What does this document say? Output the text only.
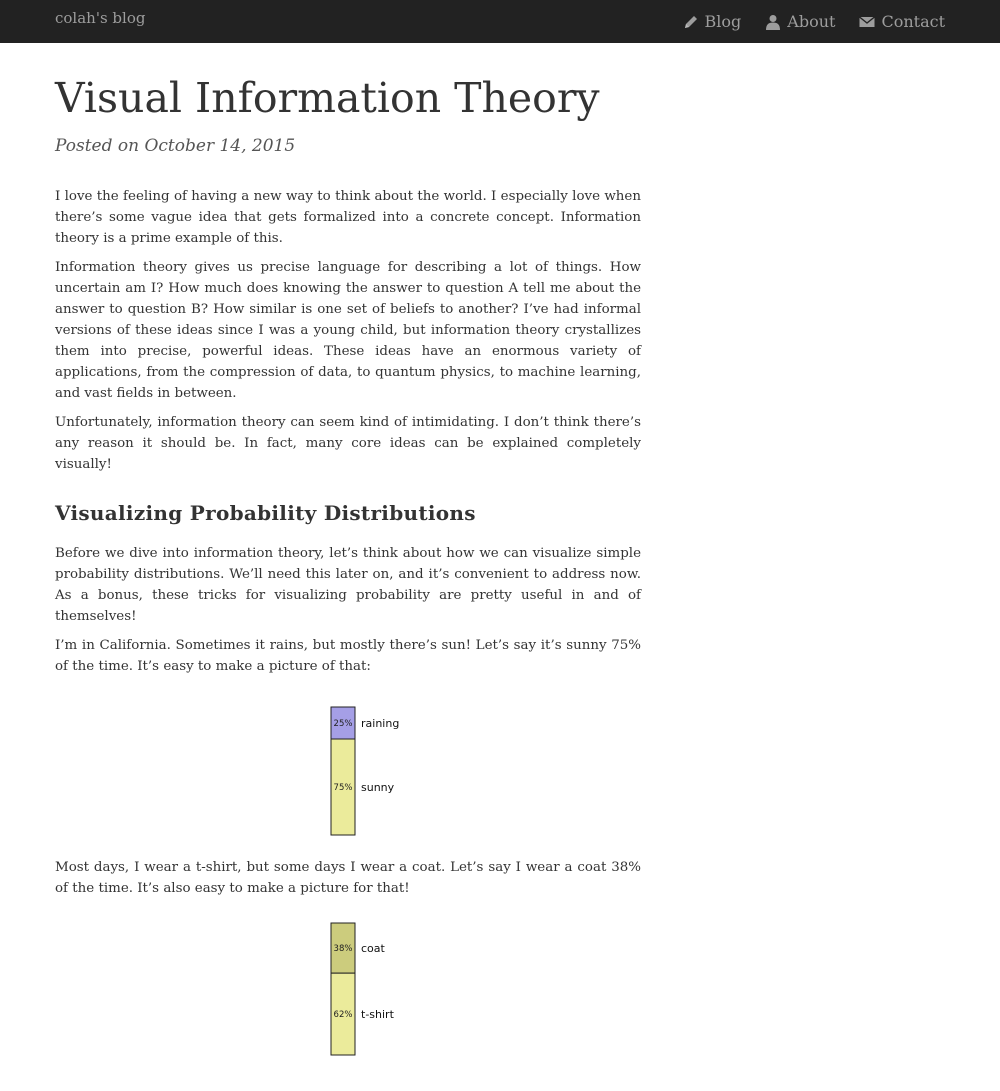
colah's blog	Blog	About	Contact
Visual Information Theory
Posted on October 14, 2015

I love the feeling of having a new way to think about the world. I especially love when there’s some vague idea that gets formalized into a concrete concept. Information theory is a prime example of this.

Information theory gives us precise language for describing a lot of things. How uncertain am I? How much does knowing the answer to question A tell me about the answer to question B? How similar is one set of beliefs to another? I’ve had informal versions of these ideas since I was a young child, but information theory crystallizes them into precise, powerful ideas. These ideas have an enormous variety of applications, from the compression of data, to quantum physics, to machine learning, and vast fields in between.

Unfortunately, information theory can seem kind of intimidating. I don’t think there’s any reason it should be. In fact, many core ideas can be explained completely visually!

Visualizing Probability Distributions

Before we dive into information theory, let’s think about how we can visualize simple probability distributions. We’ll need this later on, and it’s convenient to address now. As a bonus, these tricks for visualizing probability are pretty useful in and of themselves!

I’m in California. Sometimes it rains, but mostly there’s sun! Let’s say it’s sunny 75% of the time. It’s easy to make a picture of that:

25% raining
75% sunny

Most days, I wear a t-shirt, but some days I wear a coat. Let’s say I wear a coat 38% of the time. It’s also easy to make a picture for that!

38% coat
62% t-shirt
